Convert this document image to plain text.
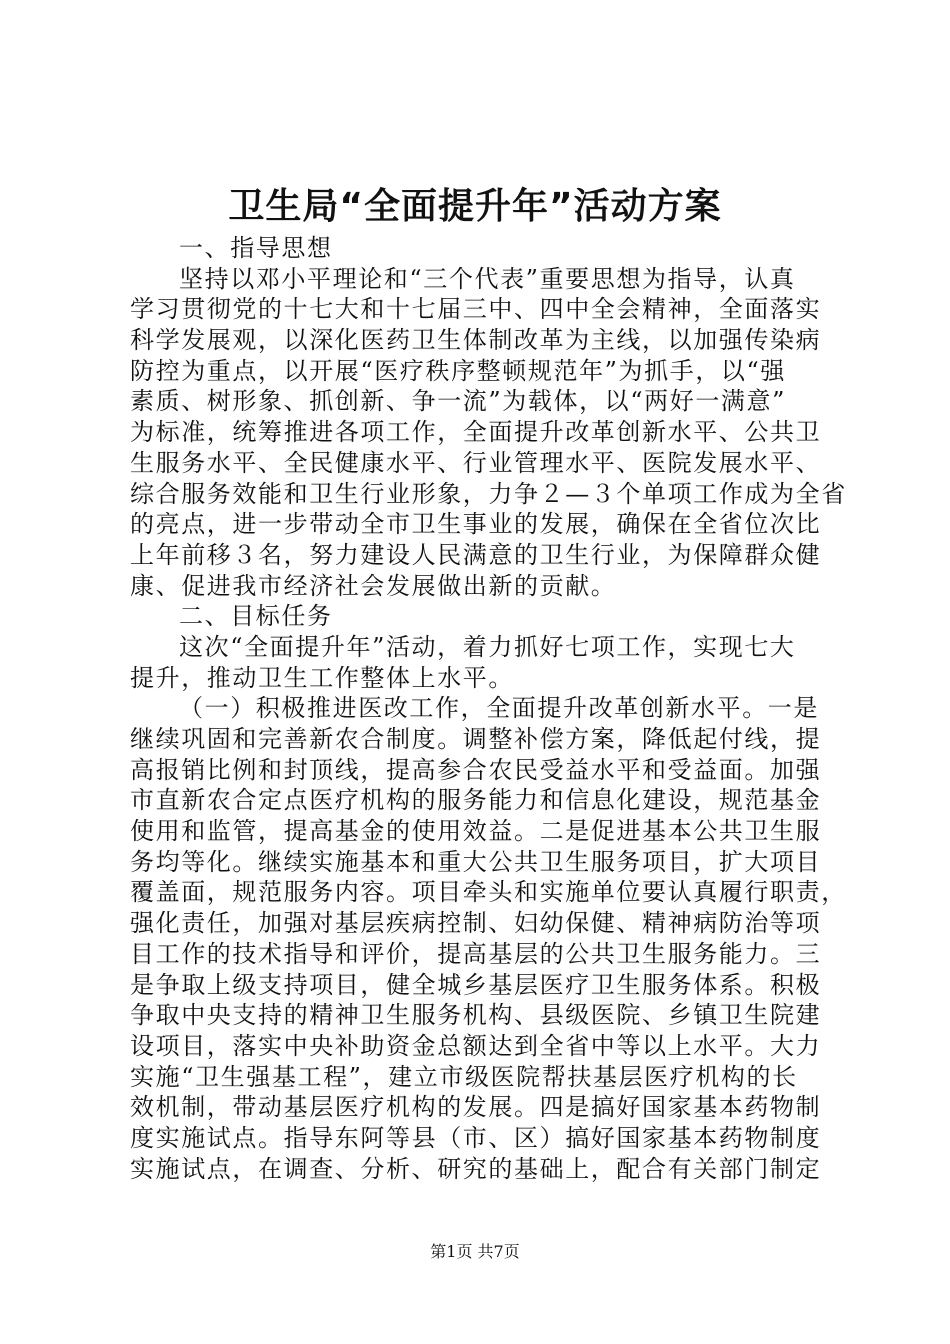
卫生局“全面提升年”活动方案
一、指导思想
坚持以邓小平理论和“三个代表”重要思想为指导，认真
学习贯彻党的十七大和十七届三中、四中全会精神，全面落实
科学发展观，以深化医药卫生体制改革为主线，以加强传染病
防控为重点，以开展“医疗秩序整顿规范年”为抓手，以“强
素质、树形象、抓创新、争一流”为载体，以“两好一满意”
为标准，统筹推进各项工作，全面提升改革创新水平、公共卫
生服务水平、全民健康水平、行业管理水平、医院发展水平、
综合服务效能和卫生行业形象，力争２—３个单项工作成为全省
的亮点，进一步带动全市卫生事业的发展，确保在全省位次比
上年前移３名，努力建设人民满意的卫生行业，为保障群众健
康、促进我市经济社会发展做出新的贡献。
二、目标任务
这次“全面提升年”活动，着力抓好七项工作，实现七大
提升，推动卫生工作整体上水平。
（一）积极推进医改工作，全面提升改革创新水平。一是
继续巩固和完善新农合制度。调整补偿方案，降低起付线，提
高报销比例和封顶线，提高参合农民受益水平和受益面。加强
市直新农合定点医疗机构的服务能力和信息化建设，规范基金
使用和监管，提高基金的使用效益。二是促进基本公共卫生服
务均等化。继续实施基本和重大公共卫生服务项目，扩大项目
覆盖面，规范服务内容。项目牵头和实施单位要认真履行职责，
强化责任，加强对基层疾病控制、妇幼保健、精神病防治等项
目工作的技术指导和评价，提高基层的公共卫生服务能力。三
是争取上级支持项目，健全城乡基层医疗卫生服务体系。积极
争取中央支持的精神卫生服务机构、县级医院、乡镇卫生院建
设项目，落实中央补助资金总额达到全省中等以上水平。大力
实施“卫生强基工程”，建立市级医院帮扶基层医疗机构的长
效机制，带动基层医疗机构的发展。四是搞好国家基本药物制
度实施试点。指导东阿等县（市、区）搞好国家基本药物制度
实施试点，在调查、分析、研究的基础上，配合有关部门制定
第1页 共7页
